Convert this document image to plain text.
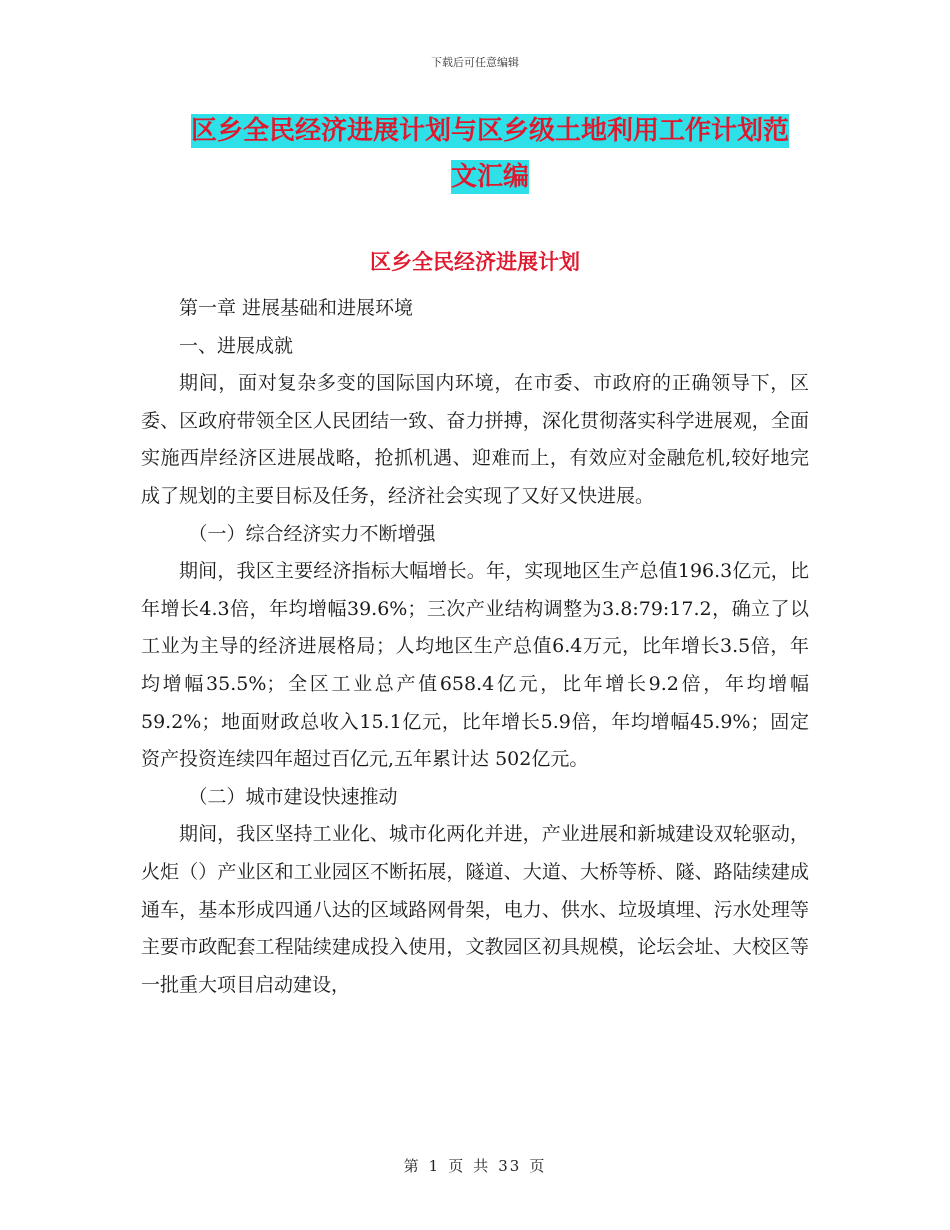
下载后可任意编辑
区乡全民经济进展计划与区乡级土地利用工作计划范
文汇编
区乡全民经济进展计划

第一章 进展基础和进展环境

一、进展成就

期间，面对复杂多变的国际国内环境，在市委、市政府的正确领导下，区委、区政府带领全区人民团结一致、奋力拼搏，深化贯彻落实科学进展观，全面实施西岸经济区进展战略，抢抓机遇、迎难而上，有效应对金融危机,较好地完成了规划的主要目标及任务，经济社会实现了又好又快进展。

（一）综合经济实力不断增强

期间，我区主要经济指标大幅增长。年，实现地区生产总值196.3亿元，比年增长4.3倍，年均增幅39.6%；三次产业结构调整为3.8:79:17.2，确立了以工业为主导的经济进展格局；人均地区生产总值6.4万元，比年增长3.5倍，年均增幅35.5%；全区工业总产值658.4亿元，比年增长9.2倍，年均增幅59.2%；地面财政总收入15.1亿元，比年增长5.9倍，年均增幅45.9%；固定资产投资连续四年超过百亿元,五年累计达 502亿元。

（二）城市建设快速推动

期间，我区坚持工业化、城市化两化并进，产业进展和新城建设双轮驱动，火炬（）产业区和工业园区不断拓展，隧道、大道、大桥等桥、隧、路陆续建成通车，基本形成四通八达的区域路网骨架，电力、供水、垃圾填埋、污水处理等主要市政配套工程陆续建成投入使用，文教园区初具规模，论坛会址、大校区等一批重大项目启动建设，

第 1 页 共 33 页
